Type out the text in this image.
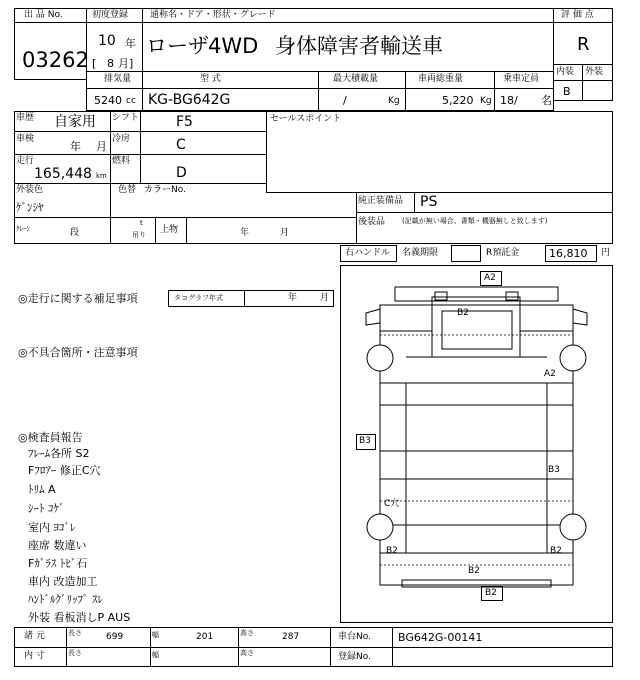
出 品 No.
03262
初度登録 通称名・ドア・形状・グレード
10 年
[ 8 月]
ローザ 4WD 身体障害者輸送車
評 価 点
R
内装 外装
B
排気量	型 式	最大積載量	車両総重量	乗車定員
5240 cc KG-BG642G	/	Kg	5,220 Kg 18/ 名
車歴 自家用 シフト	F5
車検
年 月
冷房	C
走行
165,448 km
燃料
D
セールスポイント
外装色	色替 カラーNo.
ｹﾞﾝｼﾔ	純正装備品 PS
後装品 (記載が無い場合、書類・機器無しと致します)
ｸﾚｰﾝ	段
t
吊り 上物	年	月
右ハンドル 名義期限	R預託金	16,810 円
◎走行に関する補足事項	タコグラフ年式	年	月
◎不具合箇所・注意事項
◎検査員報告
ﾌﾚｰﾑ各所 S2
Fﾌﾛｱｰ 修正C穴
ﾄﾘﾑ A
ｼｰﾄ ｺｹﾞ
室内 ﾖｺﾞﾚ
座席 数違い
Fｶﾞﾗｽ ﾄﾋﾞ石
車内 改造加工
ﾊﾝﾄﾞﾙｸﾞﾘｯﾌﾟ ｽﾚ
外装 看板消しP AUS
A2
B2
A2
B3
B3
C穴
B2	B2
B2
B2
諸 元	長さ	699	幅	201	高さ	287	車台No. BG642G-00141
内 寸	長さ	幅	高さ	登録No.
